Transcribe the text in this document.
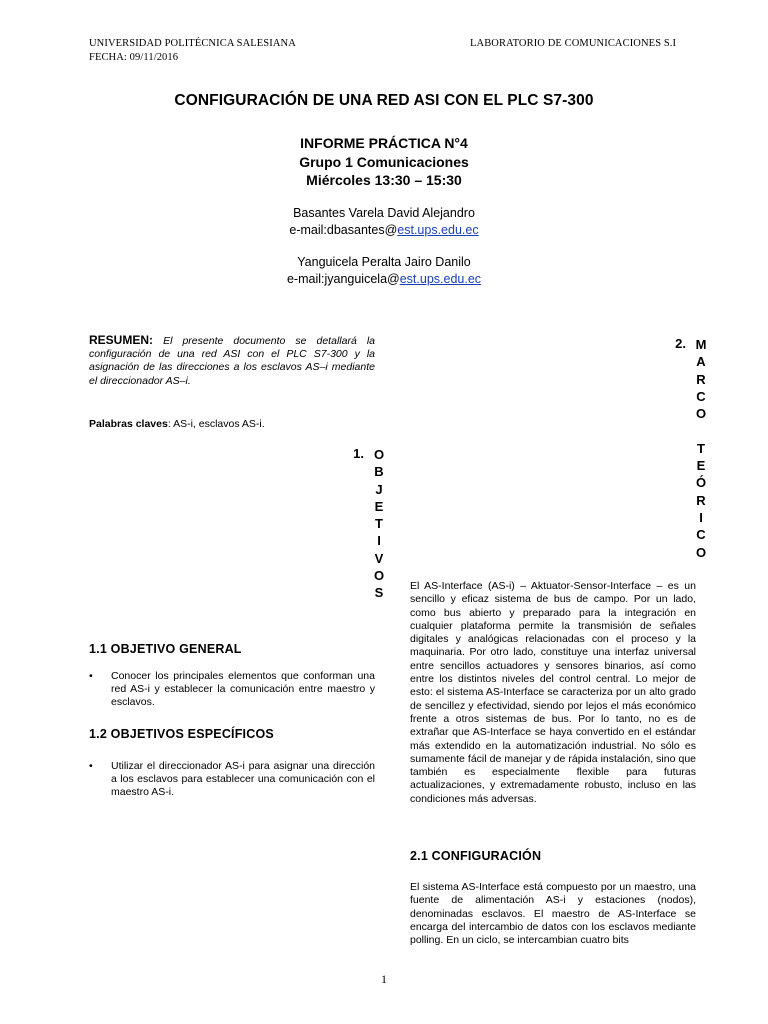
UNIVERSIDAD POLITÉCNICA SALESIANA
FECHA: 09/11/2016
LABORATORIO DE COMUNICACIONES S.I
CONFIGURACIÓN DE UNA RED ASI CON EL PLC S7-300
INFORME PRÁCTICA N°4
Grupo 1 Comunicaciones
Miércoles 13:30 – 15:30
Basantes Varela David Alejandro
e-mail:dbasantes@est.ups.edu.ec
Yanguicela Peralta Jairo Danilo
e-mail:jyanguicela@est.ups.edu.ec
RESUMEN: El presente documento se detallará la configuración de una red ASI con el PLC S7-300 y la asignación de las direcciones a los esclavos AS–i mediante el direccionador AS–i.
Palabras claves: AS-i, esclavos AS-i.
1. O
B
J
E
T
I
V
O
S
1.1 OBJETIVO GENERAL
• Conocer los principales elementos que conforman una red AS-i y establecer la comunicación entre maestro y esclavos.
1.2 OBJETIVOS ESPECÍFICOS
• Utilizar el direccionador AS-i para asignar una dirección a los esclavos para establecer una comunicación con el maestro AS-i.
2. M
A
R
C
O
T
E
Ó
R
I
C
O
El AS-Interface (AS-i) – Aktuator-Sensor-Interface – es un sencillo y eficaz sistema de bus de campo. Por un lado, como bus abierto y preparado para la integración en cualquier plataforma permite la transmisión de señales digitales y analógicas relacionadas con el proceso y la maquinaria. Por otro lado, constituye una interfaz universal entre sencillos actuadores y sensores binarios, así como entre los distintos niveles del control central. Lo mejor de esto: el sistema AS-Interface se caracteriza por un alto grado de sencillez y efectividad, siendo por lejos el más económico frente a otros sistemas de bus. Por lo tanto, no es de extrañar que AS-Interface se haya convertido en el estándar más extendido en la automatización industrial. No sólo es sumamente fácil de manejar y de rápida instalación, sino que también es especialmente flexible para futuras actualizaciones, y extremadamente robusto, incluso en las condiciones más adversas.
2.1 CONFIGURACIÓN
El sistema AS-Interface está compuesto por un maestro, una fuente de alimentación AS-i y estaciones (nodos), denominadas esclavos. El maestro de AS-Interface se encarga del intercambio de datos con los esclavos mediante polling. En un ciclo, se intercambian cuatro bits
1
